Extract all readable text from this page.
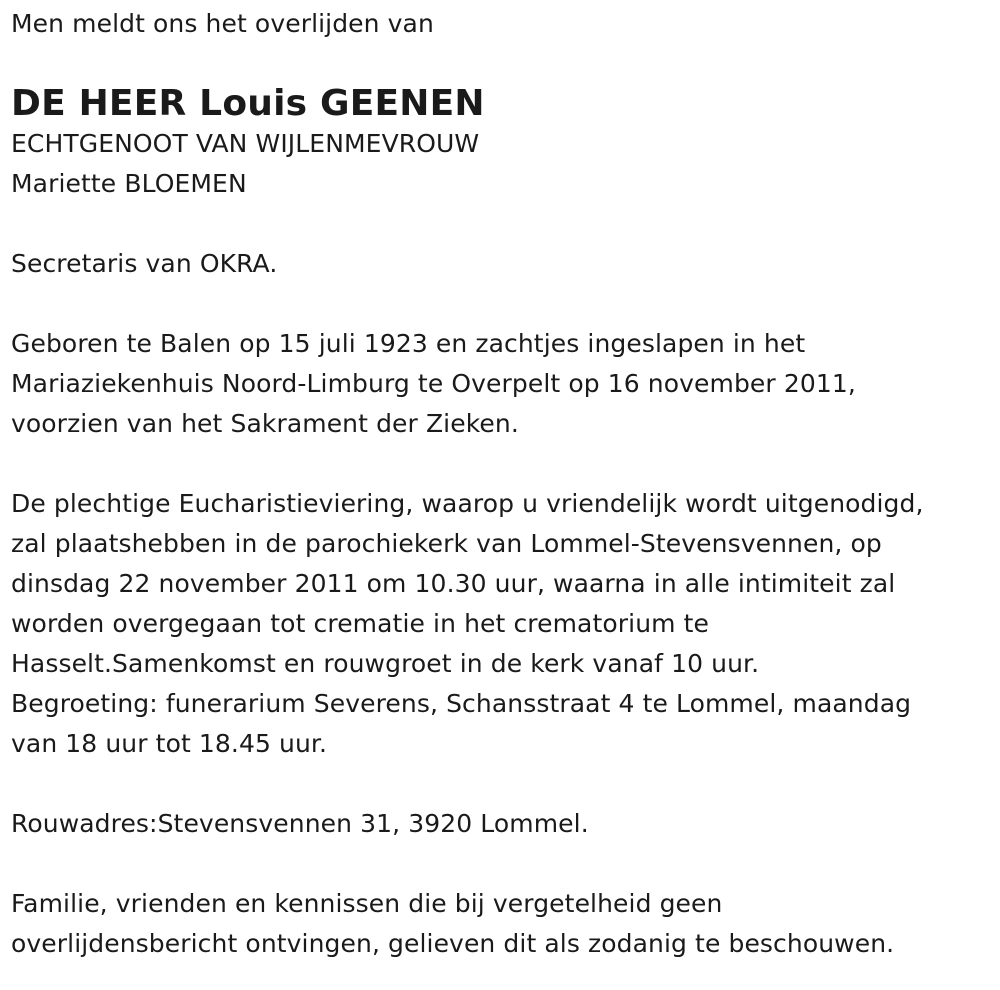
Men meldt ons het overlijden van
DE HEER Louis GEENEN
ECHTGENOOT VAN WIJLENMEVROUW
Mariette BLOEMEN
Secretaris van OKRA.
Geboren te Balen op 15 juli 1923 en zachtjes ingeslapen in het
Mariaziekenhuis Noord-Limburg te Overpelt op 16 november 2011,
voorzien van het Sakrament der Zieken.
De plechtige Eucharistieviering, waarop u vriendelijk wordt uitgenodigd,
zal plaatshebben in de parochiekerk van Lommel-Stevensvennen, op
dinsdag 22 november 2011 om 10.30 uur, waarna in alle intimiteit zal
worden overgegaan tot crematie in het crematorium te
Hasselt.Samenkomst en rouwgroet in de kerk vanaf 10 uur.
Begroeting: funerarium Severens, Schansstraat 4 te Lommel, maandag
van 18 uur tot 18.45 uur.
Rouwadres:Stevensvennen 31, 3920 Lommel.
Familie, vrienden en kennissen die bij vergetelheid geen
overlijdensbericht ontvingen, gelieven dit als zodanig te beschouwen.
